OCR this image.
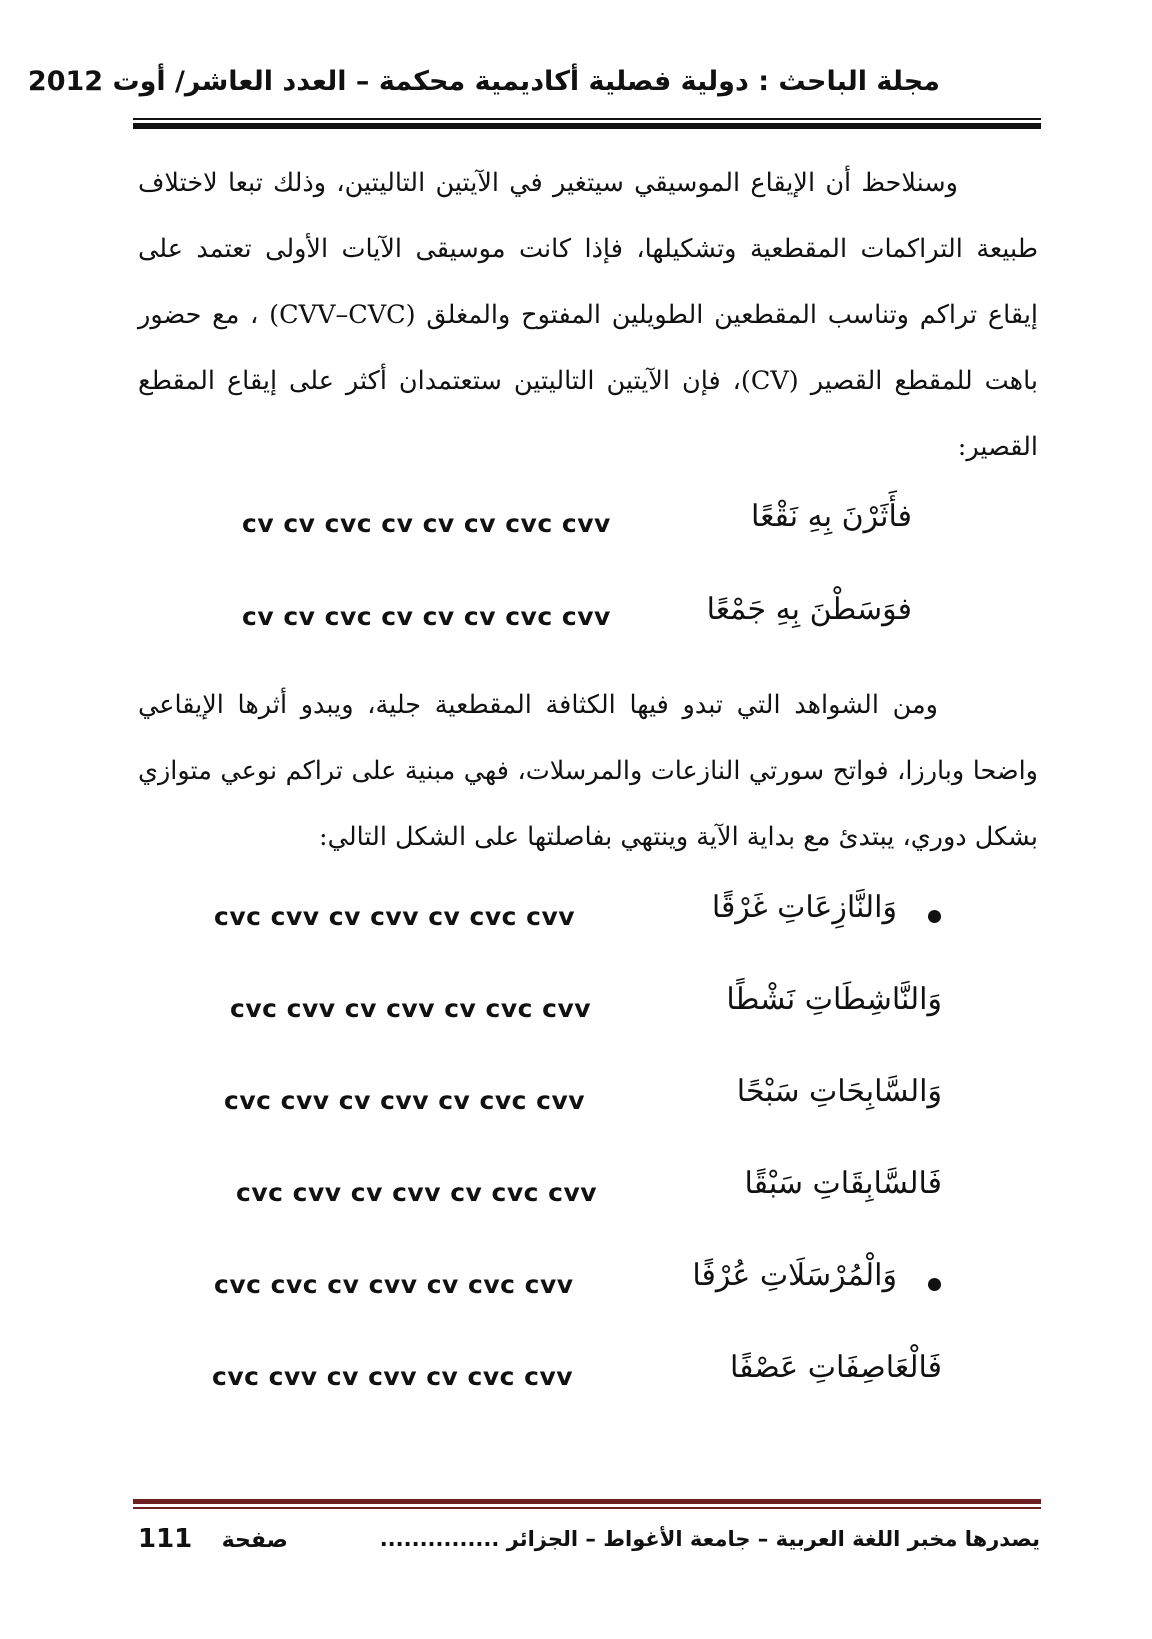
مجلة الباحث : دولية فصلية أكاديمية محكمة – العدد العاشر/ أوت 2012
وسنلاحظ أن الإيقاع الموسيقي سيتغير في الآيتين التاليتين، وذلك تبعا لاختلاف طبيعة التراكمات المقطعية وتشكيلها، فإذا كانت موسيقى الآيات الأولى تعتمد على إيقاع تراكم وتناسب المقطعين الطويلين المفتوح والمغلق (CVV–CVC) ، مع حضور باهت للمقطع القصير (CV)، فإن الآيتين التاليتين ستعتمدان أكثر على إيقاع المقطع القصير:
فأَثَرْنَ بِهِ نَقْعًا
cv cv cvc cv cv cv cvc cvv
فوَسَطْنَ بِهِ جَمْعًا
cv cv cvc cv cv cv cvc cvv
ومن الشواهد التي تبدو فيها الكثافة المقطعية جلية، ويبدو أثرها الإيقاعي واضحا وبارزا، فواتح سورتي النازعات والمرسلات، فهي مبنية على تراكم نوعي متوازي بشكل دوري، يبتدئ مع بداية الآية وينتهي بفاصلتها على الشكل التالي:
وَالنَّازِعَاتِ غَرْقًا
cvc cvv cv cvv cv cvc cvv
وَالنَّاشِطَاتِ نَشْطًا
cvc cvv cv cvv cv cvc cvv
وَالسَّابِحَاتِ سَبْحًا
cvc cvv cv cvv cv cvc cvv
فَالسَّابِقَاتِ سَبْقًا
cvc cvv cv cvv cv cvc cvv
وَالْمُرْسَلَاتِ عُرْفًا
cvc cvc cv cvv cv cvc cvv
فَالْعَاصِفَاتِ عَصْفًا
cvc cvv cv cvv cv cvc cvv
يصدرها مخبر اللغة العربية – جامعة الأغواط – الجزائر ...............
111 صفحة
